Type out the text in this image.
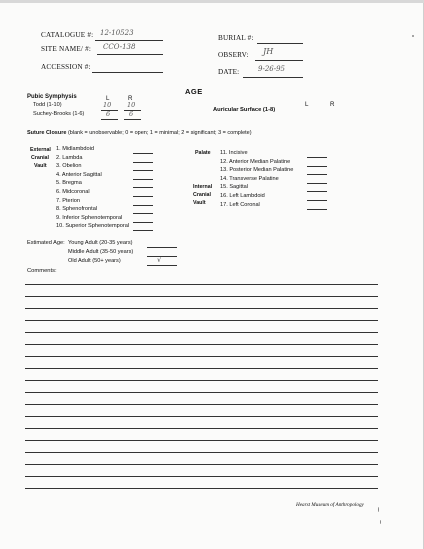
CATALOGUE #: 12-10523
BURIAL #:
SITE NAME/ #: CCO-138
OBSERV: JH
ACCESSION #:
DATE:	9-26-95
AGE
Pubic Symphysis	L	R
Todd (1-10)	10 10
Suchey-Brooks (1-6)	6	6	Auricular Surface (1-8)
L	R
Suture Closure (blank = unobservable; 0 = open; 1 = minimal; 2 = significant; 3 = complete)
External
Cranial
Vault
1. Midlambdoid
2. Lambda
3. Obelion
4. Anterior Sagittal
5. Bregma
6. Midcoronal
7. Pterion
8. Sphenofrontal
9. Inferior Sphenotemporal
10. Superior Sphenotemporal
Palate
Internal
Cranial
Vault
11. Incisive
12. Anterior Median Palatine
13. Posterior Median Palatine
14. Transverse Palatine
15. Sagittal
16. Left Lambdoid
17. Left Coronal
Estimated Age: Young Adult (20-35 years)
Middle Adult (35-50 years)
Old Adult (50+ years)	√
Comments:
Hearst Museum of Anthropology
